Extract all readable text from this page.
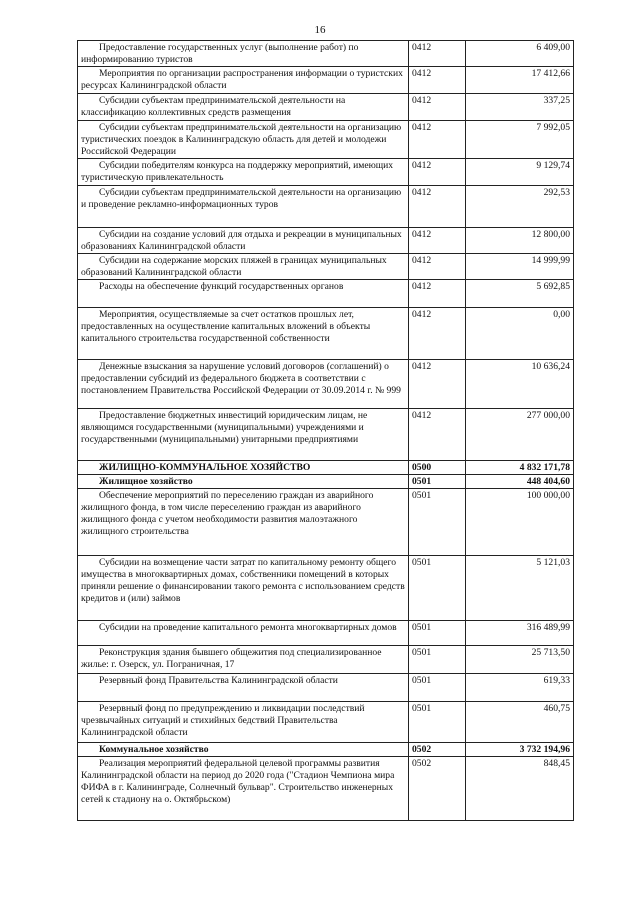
16
Предоставление государственных услуг (выполнение работ) по информированию туристов	0412	6 409,00
Мероприятия по организации распространения информации о туристских ресурсах Калининградской области	0412	17 412,66
Субсидии субъектам предпринимательской деятельности на классификацию коллективных средств размещения	0412	337,25
Субсидии субъектам предпринимательской деятельности на организацию туристических поездок в Калининградскую область для детей и молодежи Российской Федерации	0412	7 992,05
Субсидии победителям конкурса на поддержку мероприятий, имеющих туристическую привлекательность	0412	9 129,74
Субсидии субъектам предпринимательской деятельности на организацию и проведение рекламно-информационных туров	0412	292,53
Субсидии на создание условий для отдыха и рекреации в муниципальных образованиях Калининградской области	0412	12 800,00
Субсидии на содержание морских пляжей в границах муниципальных образований Калининградской области	0412	14 999,99
Расходы на обеспечение функций государственных органов	0412	5 692,85
Мероприятия, осуществляемые за счет остатков прошлых лет, предоставленных на осуществление капитальных вложений в объекты капитального строительства государственной собственности	0412	0,00
Денежные взыскания за нарушение условий договоров (соглашений) о предоставлении субсидий из федерального бюджета в соответствии с постановлением Правительства Российской Федерации от 30.09.2014 г. № 999	0412	10 636,24
Предоставление бюджетных инвестиций юридическим лицам, не являющимся государственными (муниципальными) учреждениями и государственными (муниципальными) унитарными предприятиями	0412	277 000,00
ЖИЛИЩНО-КОММУНАЛЬНОЕ ХОЗЯЙСТВО	0500	4 832 171,78
Жилищное хозяйство	0501	448 404,60
Обеспечение мероприятий по переселению граждан из аварийного жилищного фонда, в том числе переселению граждан из аварийного жилищного фонда с учетом необходимости развития малоэтажного жилищного строительства	0501	100 000,00
Субсидии на возмещение части затрат по капитальному ремонту общего имущества в многоквартирных домах, собственники помещений в которых приняли решение о финансировании такого ремонта с использованием средств кредитов и (или) займов	0501	5 121,03
Субсидии на проведение капитального ремонта многоквартирных домов	0501	316 489,99
Реконструкция здания бывшего общежития под специализированное жилье: г. Озерск, ул. Пограничная, 17	0501	25 713,50
Резервный фонд Правительства Калининградской области	0501	619,33
Резервный фонд по предупреждению и ликвидации последствий чрезвычайных ситуаций и стихийных бедствий Правительства Калининградской области	0501	460,75
Коммунальное хозяйство	0502	3 732 194,96
Реализация мероприятий федеральной целевой программы развития Калининградской области на период до 2020 года ("Стадион Чемпиона мира ФИФА в г. Калининграде, Солнечный бульвар". Строительство инженерных сетей к стадиону на о. Октябрьском)	0502	848,45
